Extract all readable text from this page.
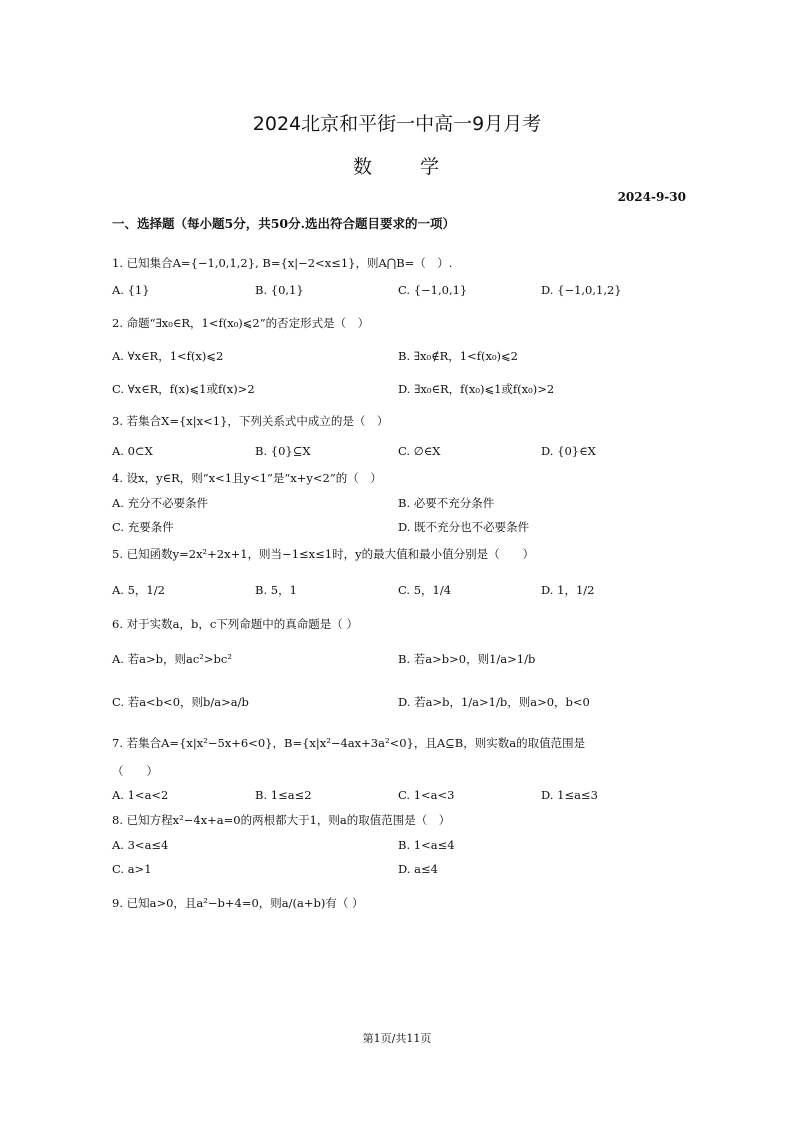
2024北京和平街一中高一9月月考
数 学
2024-9-30
一、选择题（每小题5分，共50分.选出符合题目要求的一项）
1. 已知集合A={−1,0,1,2}, B={x|−2<x≤1}，则A⋂B=（　）.
A. {1}	B. {0,1}	C. {−1,0,1}	D. {−1,0,1,2}
2. 命题“∃x₀∈R，1<f(x₀)⩽2”的否定形式是（　）
A. ∀x∈R，1<f(x)⩽2	B. ∃x₀∉R，1<f(x₀)⩽2
C. ∀x∈R，f(x)⩽1或f(x)>2	D. ∃x₀∈R，f(x₀)⩽1或f(x₀)>2
3. 若集合X={x|x<1}，下列关系式中成立的是（　）
A. 0⊂X	B. {0}⊆X	C. ∅∈X	D. {0}∈X
4. 设x，y∈R，则“x<1且y<1”是“x+y<2”的（　）
A. 充分不必要条件	B. 必要不充分条件
C. 充要条件	D. 既不充分也不必要条件
5. 已知函数y=2x²+2x+1，则当−1≤x≤1时，y的最大值和最小值分别是（　　）
A. 5，1/2	B. 5，1	C. 5，1/4	D. 1，1/2
6. 对于实数a，b，c下列命题中的真命题是（ ）
A. 若a>b，则ac²>bc²	B. 若a>b>0，则1/a>1/b
C. 若a<b<0，则b/a>a/b	D. 若a>b，1/a>1/b，则a>0，b<0
7. 若集合A={x|x²−5x+6<0}，B={x|x²−4ax+3a²<0}，且A⊆B，则实数a的取值范围是
（　　）
A. 1<a<2	B. 1≤a≤2	C. 1<a<3	D. 1≤a≤3
8. 已知方程x²−4x+a=0的两根都大于1，则a的取值范围是（　）
A. 3<a≤4	B. 1<a≤4
C. a>1	D. a≤4
9. 已知a>0，且a²−b+4=0，则a/(a+b)有（ ）
第1页/共11页
